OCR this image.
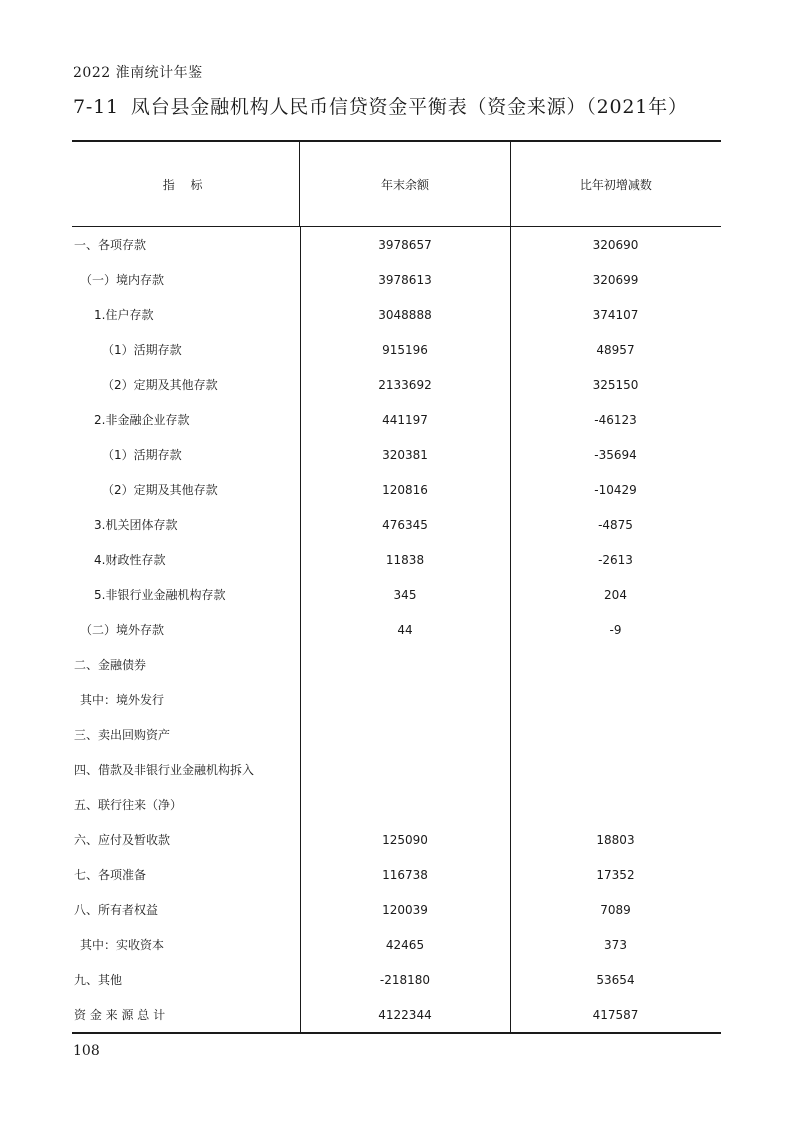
2022 淮南统计年鉴
7-11 凤台县金融机构人民币信贷资金平衡表（资金来源）（2021年）
指 标	年末余额	比年初增减数
一、各项存款	3978657	320690
（一）境内存款	3978613	320699
1.住户存款	3048888	374107
（1）活期存款	915196	48957
（2）定期及其他存款	2133692	325150
2.非金融企业存款	441197	-46123
（1）活期存款	320381	-35694
（2）定期及其他存款	120816	-10429
3.机关团体存款	476345	-4875
4.财政性存款	11838	-2613
5.非银行业金融机构存款	345	204
（二）境外存款	44	-9
二、金融债券
其中：境外发行
三、卖出回购资产
四、借款及非银行业金融机构拆入
五、联行往来（净）
六、应付及暂收款	125090	18803
七、各项准备	116738	17352
八、所有者权益	120039	7089
其中：实收资本	42465	373
九、其他	-218180	53654
资 金 来 源 总 计	4122344	417587
108
